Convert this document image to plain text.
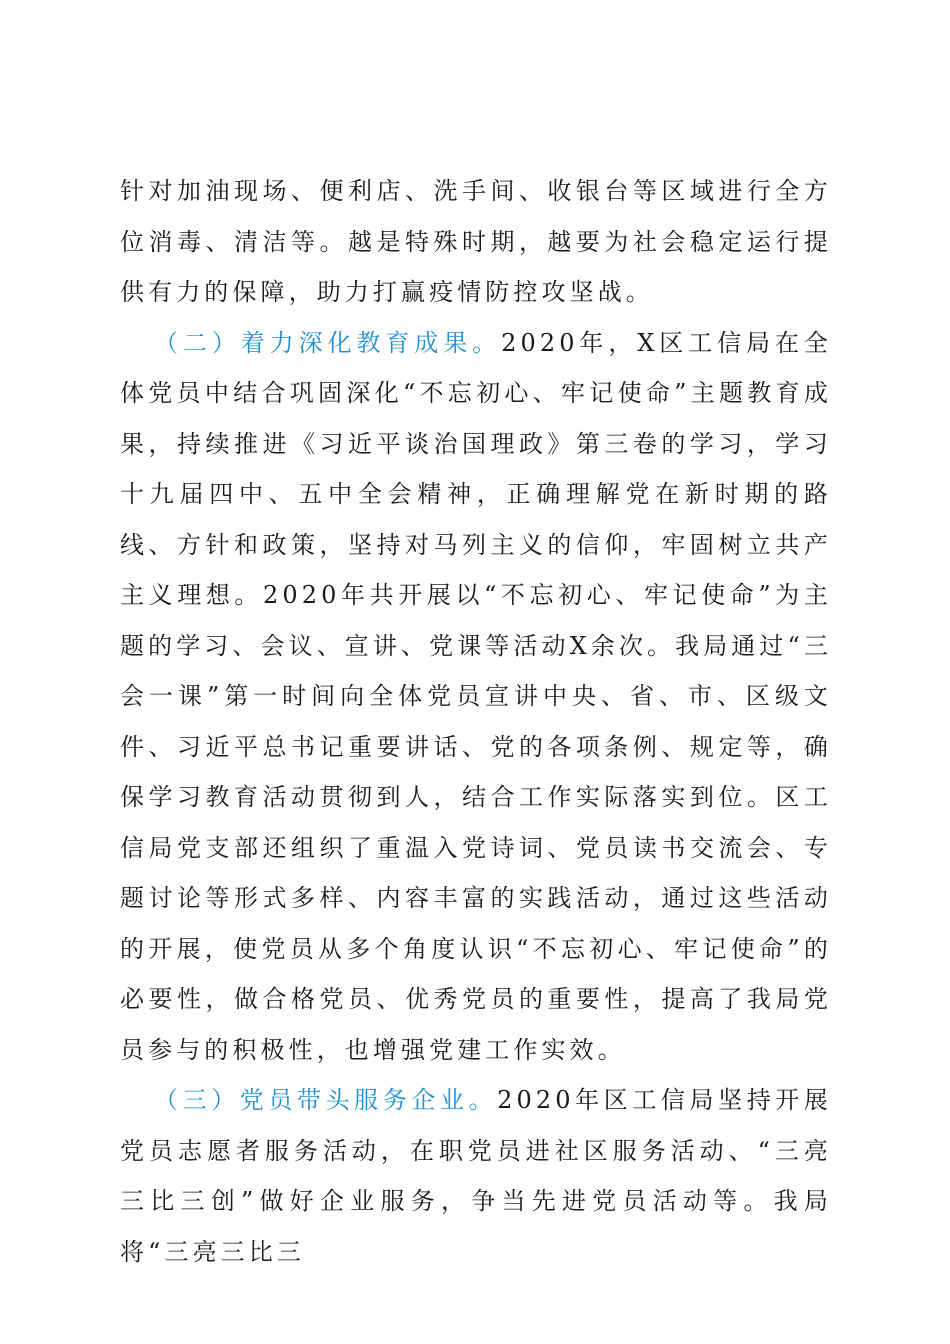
针对加油现场、便利店、洗手间、收银台等区域进行全方位消毒、清洁等。越是特殊时期，越要为社会稳定运行提供有力的保障，助力打赢疫情防控攻坚战。

（二）着力深化教育成果。2020年，X区工信局在全体党员中结合巩固深化“不忘初心、牢记使命”主题教育成果，持续推进《习近平谈治国理政》第三卷的学习，学习十九届四中、五中全会精神，正确理解党在新时期的路线、方针和政策，坚持对马列主义的信仰，牢固树立共产主义理想。2020年共开展以“不忘初心、牢记使命”为主题的学习、会议、宣讲、党课等活动X余次。我局通过“三会一课”第一时间向全体党员宣讲中央、省、市、区级文件、习近平总书记重要讲话、党的各项条例、规定等，确保学习教育活动贯彻到人，结合工作实际落实到位。区工信局党支部还组织了重温入党诗词、党员读书交流会、专题讨论等形式多样、内容丰富的实践活动，通过这些活动的开展，使党员从多个角度认识“不忘初心、牢记使命”的必要性，做合格党员、优秀党员的重要性，提高了我局党员参与的积极性，也增强党建工作实效。

（三）党员带头服务企业。2020年区工信局坚持开展党员志愿者服务活动，在职党员进社区服务活动、“三亮三比三创”做好企业服务，争当先进党员活动等。我局将“三亮三比三
